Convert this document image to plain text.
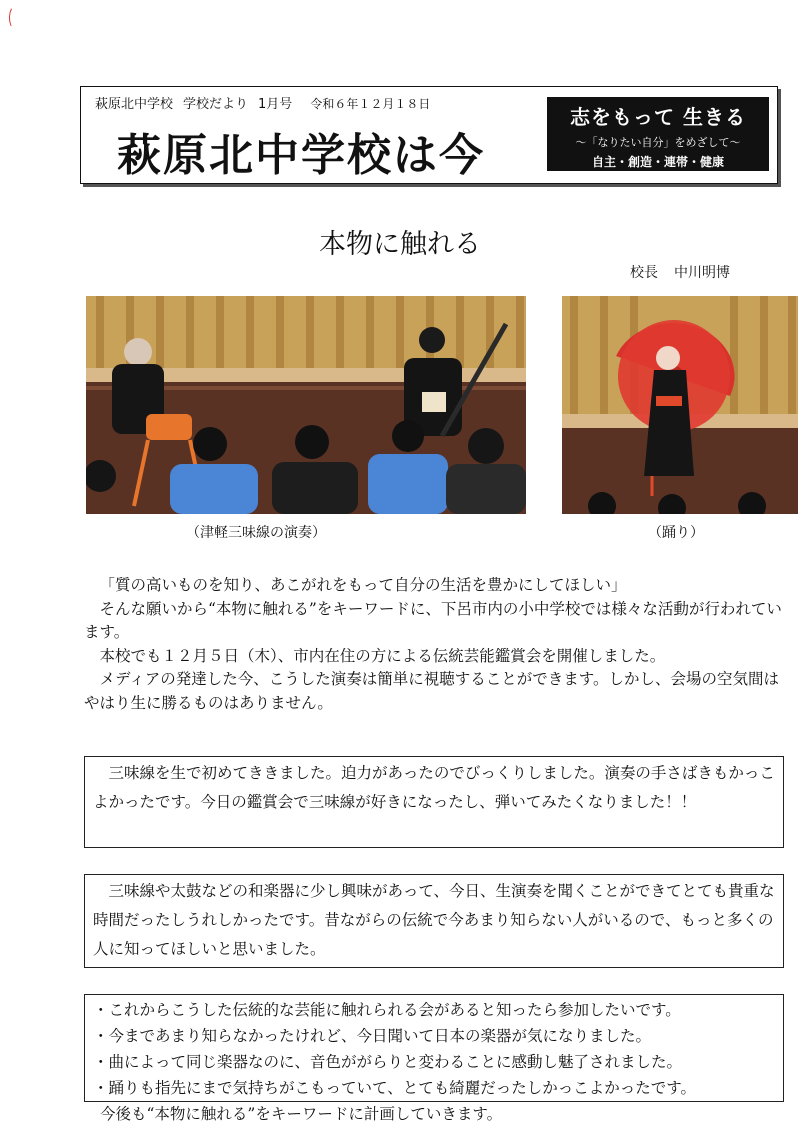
萩原北中学校 学校だより 1月号 令和６年１２月１８日
萩原北中学校は今
志をもって 生きる
～「なりたい自分」をめざして～
自主・創造・連帯・健康
本物に触れる
校長 中川明博
（津軽三味線の演奏）	（踊り）

「質の高いものを知り、あこがれをもって自分の生活を豊かにしてほしい」

そんな願いから“本物に触れる”をキーワードに、下呂市内の小中学校では様々な活動が行われています。

本校でも１２月５日（木）、市内在住の方による伝統芸能鑑賞会を開催しました。

メディアの発達した今、こうした演奏は簡単に視聴することができます。しかし、会場の空気間はやはり生に勝るものはありません。

三味線を生で初めてききました。迫力があったのでびっくりしました。演奏の手さばきもかっこよかったです。今日の鑑賞会で三味線が好きになったし、弾いてみたくなりました！！

三味線や太鼓などの和楽器に少し興味があって、今日、生演奏を聞くことができてとても貴重な時間だったしうれしかったです。昔ながらの伝統で今あまり知らない人がいるので、もっと多くの人に知ってほしいと思いました。

・これからこうした伝統的な芸能に触れられる会があると知ったら参加したいです。
・今まであまり知らなかったけれど、今日聞いて日本の楽器が気になりました。
・曲によって同じ楽器なのに、音色ががらりと変わることに感動し魅了されました。
・踊りも指先にまで気持ちがこもっていて、とても綺麗だったしかっこよかったです。
今後も“本物に触れる”をキーワードに計画していきます。
